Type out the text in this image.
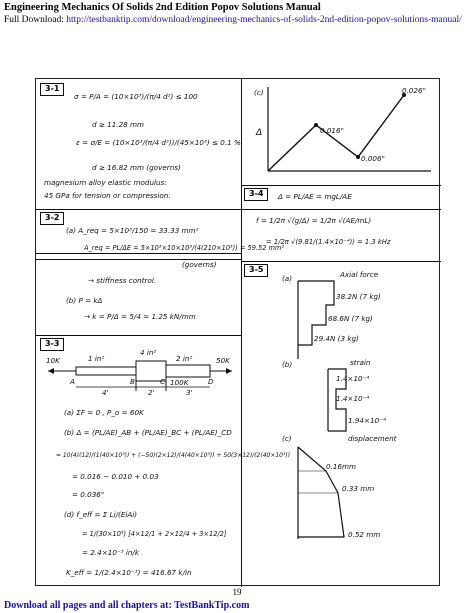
Engineering Mechanics Of Solids 2nd Edition Popov Solutions Manual
Full Download: http://testbanktip.com/download/engineering-mechanics-of-solids-2nd-edition-popov-solutions-manual/
3-1
σ = P/A = (10×10³)/(π/4 d²) ≤ 100
d ≥ 11.28 mm
ε = σ/E = (10×10³/(π/4 d²))/(45×10³) ≤ 0.1 %
d ≥ 16.82 mm (governs)
magnesium alloy elastic modulus:
45 GPa for tension or compression.
(c)
Δ	0.016"
0.006"
0.026"
3-2
(a) A_req = 5×10³/150 = 33.33 mm²
A_req = PL/ΔE = 5×10³×10×10³/(4(210×10³)) = 59.52 mm²
(governs)
→ stiffness control.
(b) P = kΔ
→ k = P/Δ = 5/4 = 1.25 kN/mm
3-3
10K	1 in²
4 in²
2 in²	50K
A	B	C	D
4'	2'	3'
100K
(a) ΣF = 0 , P_o = 60K
(b) Δ = (PL/AE)_AB + (PL/AE)_BC + (PL/AE)_CD
= 10(4)(12)/(1(40×10³)) + (−50)(2×12)/(4(40×10³)) + 50(3×12)/(2(40×10³))
= 0.016 − 0.010 + 0.03
= 0.036"
(d) f_eff = Σ Li/(EiAi)
= 1/(30×10³) [4×12/1 + 2×12/4 + 3×12/2]
= 2.4×10⁻³ in/k
K_eff = 1/(2.4×10⁻³) = 416.67 k/in
3-4	Δ = PL/AE = mgL/AE
f = 1/2π √(g/Δ) = 1/2π √(AE/mL)
= 1/2π √(9.81/(1.4×10⁻⁴)) = 1.3 kHz
3-5
(a)	Axial force
38.2N (7 kg)
68.6N (7 kg)
29.4N (3 kg)
(b)	strain
1.4×10⁻⁴
1.4×10⁻⁴
1.94×10⁻⁴
(c)	displacement
0.16mm
0.33 mm
0.52 mm
19
Download all pages and all chapters at: TestBankTip.com
